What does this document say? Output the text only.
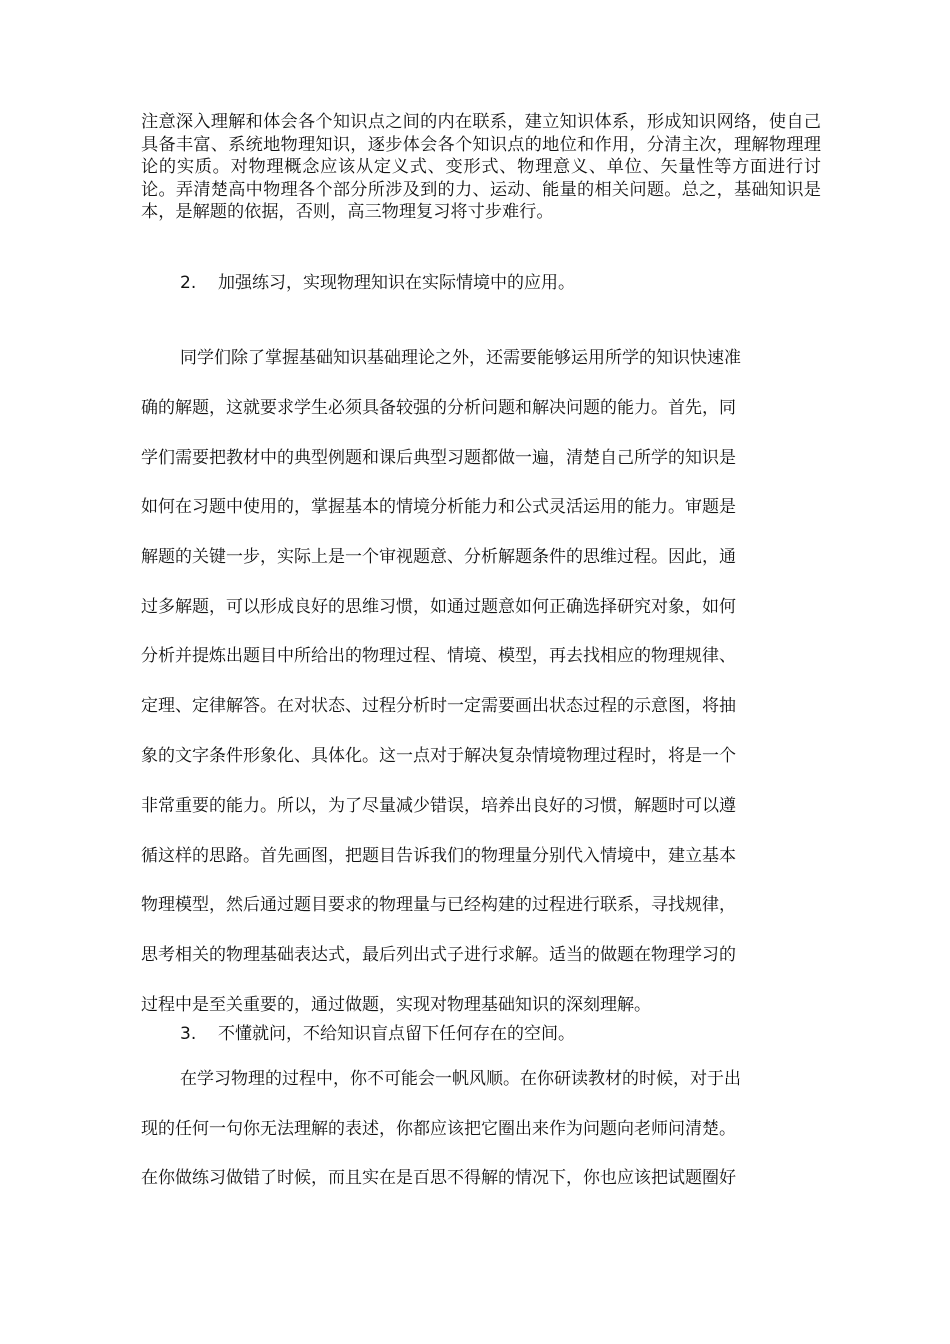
注意深入理解和体会各个知识点之间的内在联系，建立知识体系，形成知识网络，使自己具备丰富、系统地物理知识，逐步体会各个知识点的地位和作用，分清主次，理解物理理论的实质。对物理概念应该从定义式、变形式、物理意义、单位、矢量性等方面进行讨论。弄清楚高中物理各个部分所涉及到的力、运动、能量的相关问题。总之，基础知识是本，是解题的依据，否则，高三物理复习将寸步难行。

2. 加强练习，实现物理知识在实际情境中的应用。

同学们除了掌握基础知识基础理论之外，还需要能够运用所学的知识快速准

确的解题，这就要求学生必须具备较强的分析问题和解决问题的能力。首先，同

学们需要把教材中的典型例题和课后典型习题都做一遍，清楚自己所学的知识是

如何在习题中使用的，掌握基本的情境分析能力和公式灵活运用的能力。审题是

解题的关键一步，实际上是一个审视题意、分析解题条件的思维过程。因此，通

过多解题，可以形成良好的思维习惯，如通过题意如何正确选择研究对象，如何

分析并提炼出题目中所给出的物理过程、情境、模型，再去找相应的物理规律、

定理、定律解答。在对状态、过程分析时一定需要画出状态过程的示意图，将抽

象的文字条件形象化、具体化。这一点对于解决复杂情境物理过程时，将是一个

非常重要的能力。所以，为了尽量减少错误，培养出良好的习惯，解题时可以遵

循这样的思路。首先画图，把题目告诉我们的物理量分别代入情境中，建立基本

物理模型，然后通过题目要求的物理量与已经构建的过程进行联系，寻找规律，

思考相关的物理基础表达式，最后列出式子进行求解。适当的做题在物理学习的

过程中是至关重要的，通过做题，实现对物理基础知识的深刻理解。

3. 不懂就问，不给知识盲点留下任何存在的空间。

在学习物理的过程中，你不可能会一帆风顺。在你研读教材的时候，对于出

现的任何一句你无法理解的表述，你都应该把它圈出来作为问题向老师问清楚。

在你做练习做错了时候，而且实在是百思不得解的情况下，你也应该把试题圈好
